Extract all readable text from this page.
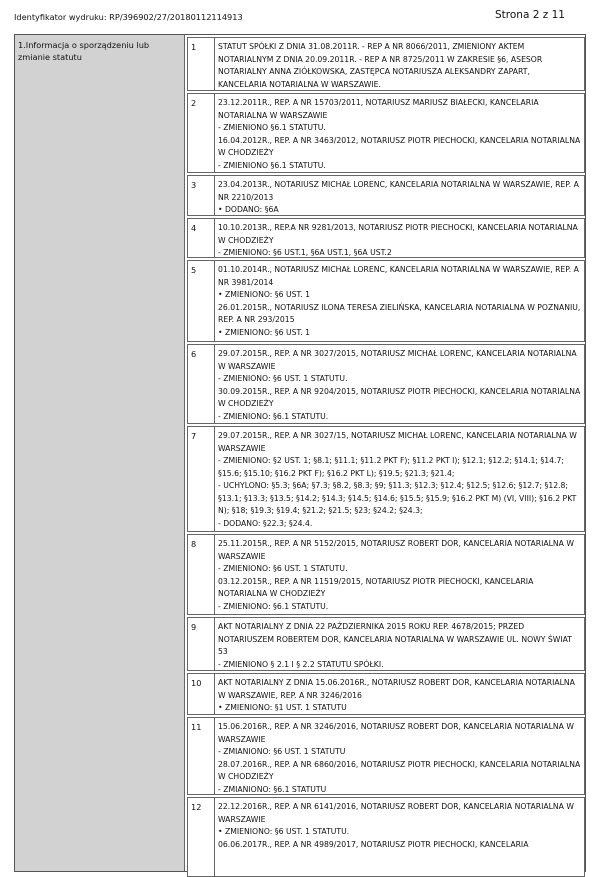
Identyfikator wydruku: RP/396902/27/20180112114913	Strona 2 z 11
1.Informacja o sporządzeniu lub zmianie statutu
1	STATUT SPÓŁKI Z DNIA 31.08.2011R. - REP A NR 8066/2011, ZMIENIONY AKTEM NOTARIALNYM Z DNIA 20.09.2011R. - REP A NR 8725/2011 W ZAKRESIE §6, ASESOR NOTARIALNY ANNA ZIÓŁKOWSKA, ZASTĘPCA NOTARIUSZA ALEKSANDRY ZAPART, KANCELARIA NOTARIALNA W WARSZAWIE.
2	23.12.2011R., REP. A NR 15703/2011, NOTARIUSZ MARIUSZ BIAŁECKI, KANCELARIA NOTARIALNA W WARSZAWIE
- ZMIENIONO §6.1 STATUTU.
16.04.2012R., REP. A NR 3463/2012, NOTARIUSZ PIOTR PIECHOCKI, KANCELARIA NOTARIALNA W CHODZIEŻY
- ZMIENIONO §6.1 STATUTU.
3	23.04.2013R., NOTARIUSZ MICHAŁ LORENC, KANCELARIA NOTARIALNA W WARSZAWIE, REP. A NR 2210/2013
• DODANO: §6A
4	10.10.2013R., REP.A NR 9281/2013, NOTARIUSZ PIOTR PIECHOCKI, KANCELARIA NOTARIALNA W CHODZIEŻY
- ZMIENIONO: §6 UST.1, §6A UST.1, §6A UST.2
5	01.10.2014R., NOTARIUSZ MICHAŁ LORENC, KANCELARIA NOTARIALNA W WARSZAWIE, REP. A NR 3981/2014
• ZMIENIONO: §6 UST. 1
26.01.2015R., NOTARIUSZ ILONA TERESA ZIELIŃSKA, KANCELARIA NOTARIALNA W POZNANIU, REP. A NR 293/2015
• ZMIENIONO: §6 UST. 1
6	29.07.2015R., REP. A NR 3027/2015, NOTARIUSZ MICHAŁ LORENC, KANCELARIA NOTARIALNA W WARSZAWIE
- ZMIENIONO: §6 UST. 1 STATUTU.
30.09.2015R., REP. A NR 9204/2015, NOTARIUSZ PIOTR PIECHOCKI, KANCELARIA NOTARIALNA W CHODZIEŻY
- ZMIENIONO: §6.1 STATUTU.
7	29.07.2015R., REP. A NR 3027/15, NOTARIUSZ MICHAŁ LORENC, KANCELARIA NOTARIALNA W WARSZAWIE
- ZMIENIONO: §2 UST. 1; §8.1; §11.1; §11.2 PKT F); §11.2 PKT I); §12.1; §12.2; §14.1; §14.7; §15.6; §15.10; §16.2 PKT F); §16.2 PKT L); §19.5; §21.3; §21.4;
- UCHYLONO: §5.3; §6A; §7.3; §8.2, §8.3; §9; §11.3; §12.3; §12.4; §12.5; §12.6; §12.7; §12.8; §13.1; §13.3; §13.5; §14.2; §14.3; §14.5; §14.6; §15.5; §15.9; §16.2 PKT M) (VI, VIII); §16.2 PKT N); §18; §19.3; §19.4; §21.2; §21.5; §23; §24.2; §24.3;
- DODANO: §22.3; §24.4.
8	25.11.2015R., REP. A NR 5152/2015, NOTARIUSZ ROBERT DOR, KANCELARIA NOTARIALNA W WARSZAWIE
- ZMIENIONO: §6 UST. 1 STATUTU.
03.12.2015R., REP. A NR 11519/2015, NOTARIUSZ PIOTR PIECHOCKI, KANCELARIA NOTARIALNA W CHODZIEŻY
- ZMIENIONO: §6.1 STATUTU.
9	AKT NOTARIALNY Z DNIA 22 PAŹDZIERNIKA 2015 ROKU REP. 4678/2015; PRZED NOTARIUSZEM ROBERTEM DOR, KANCELARIA NOTARIALNA W WARSZAWIE UL. NOWY ŚWIAT 53
- ZMIENIONO § 2.1 I § 2.2 STATUTU SPÓŁKI.
10	AKT NOTARIALNY Z DNIA 15.06.2016R., NOTARIUSZ ROBERT DOR, KANCELARIA NOTARIALNA W WARSZAWIE, REP. A NR 3246/2016
• ZMIENIONO: §1 UST. 1 STATUTU
11	15.06.2016R., REP. A NR 3246/2016, NOTARIUSZ ROBERT DOR, KANCELARIA NOTARIALNA W WARSZAWIE
- ZMIANIONO: §6 UST. 1 STATUTU
28.07.2016R., REP. A NR 6860/2016, NOTARIUSZ PIOTR PIECHOCKI, KANCELARIA NOTARIALNA W CHODZIEŻY
- ZMIANIONO: §6.1 STATUTU
12	22.12.2016R., REP. A NR 6141/2016, NOTARIUSZ ROBERT DOR, KANCELARIA NOTARIALNA W WARSZAWIE
• ZMIENIONO: §6 UST. 1 STATUTU.
06.06.2017R., REP. A NR 4989/2017, NOTARIUSZ PIOTR PIECHOCKI, KANCELARIA
